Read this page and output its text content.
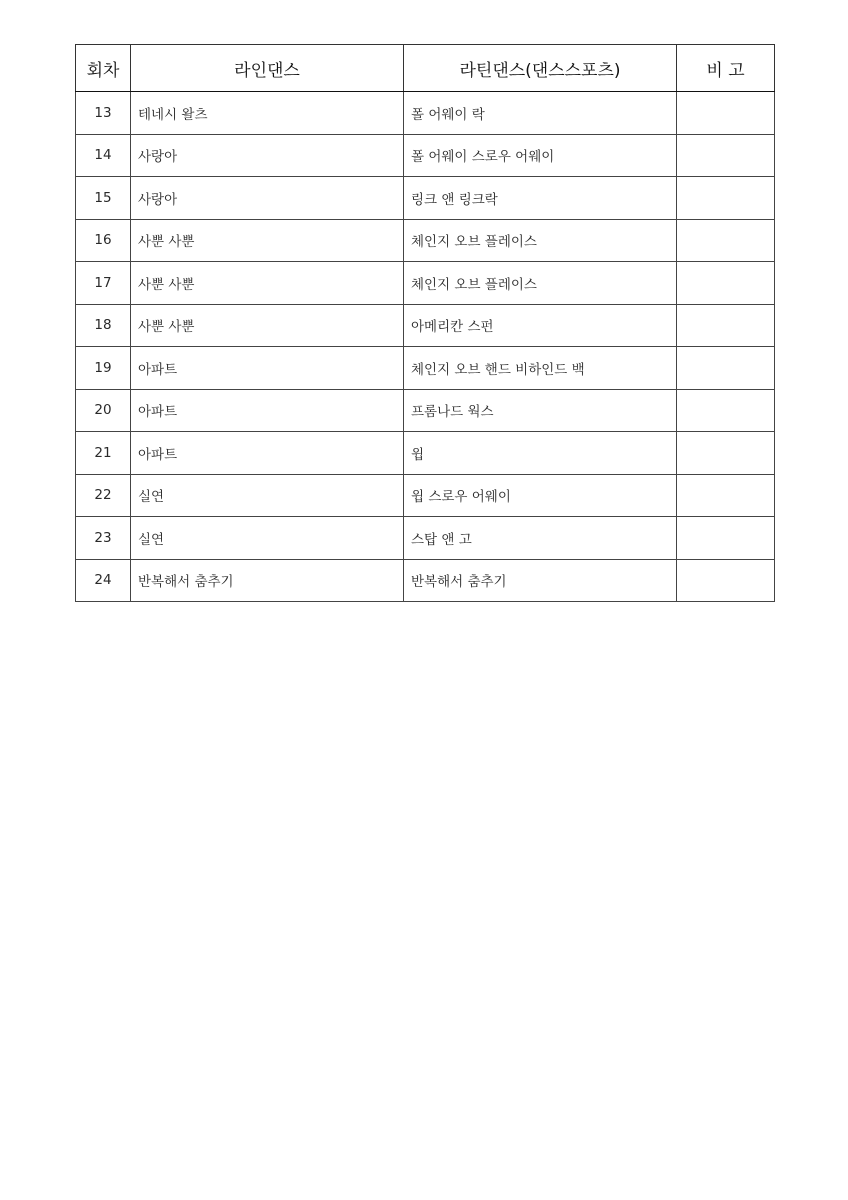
회차	라인댄스	라틴댄스(댄스스포츠)	비 고
13	테네시 왈츠	폴 어웨이 락	
14	사랑아	폴 어웨이 스로우 어웨이	
15	사랑아	링크 앤 링크락	
16	사뿐 사뿐	체인지 오브 플레이스	
17	사뿐 사뿐	체인지 오브 플레이스	
18	사뿐 사뿐	아메리칸 스펀	
19	아파트	체인지 오브 핸드 비하인드 백	
20	아파트	프롬나드 웍스	
21	아파트	윕	
22	실연	윕 스로우 어웨이	
23	실연	스탑 앤 고	
24	반복해서 춤추기	반복해서 춤추기	
